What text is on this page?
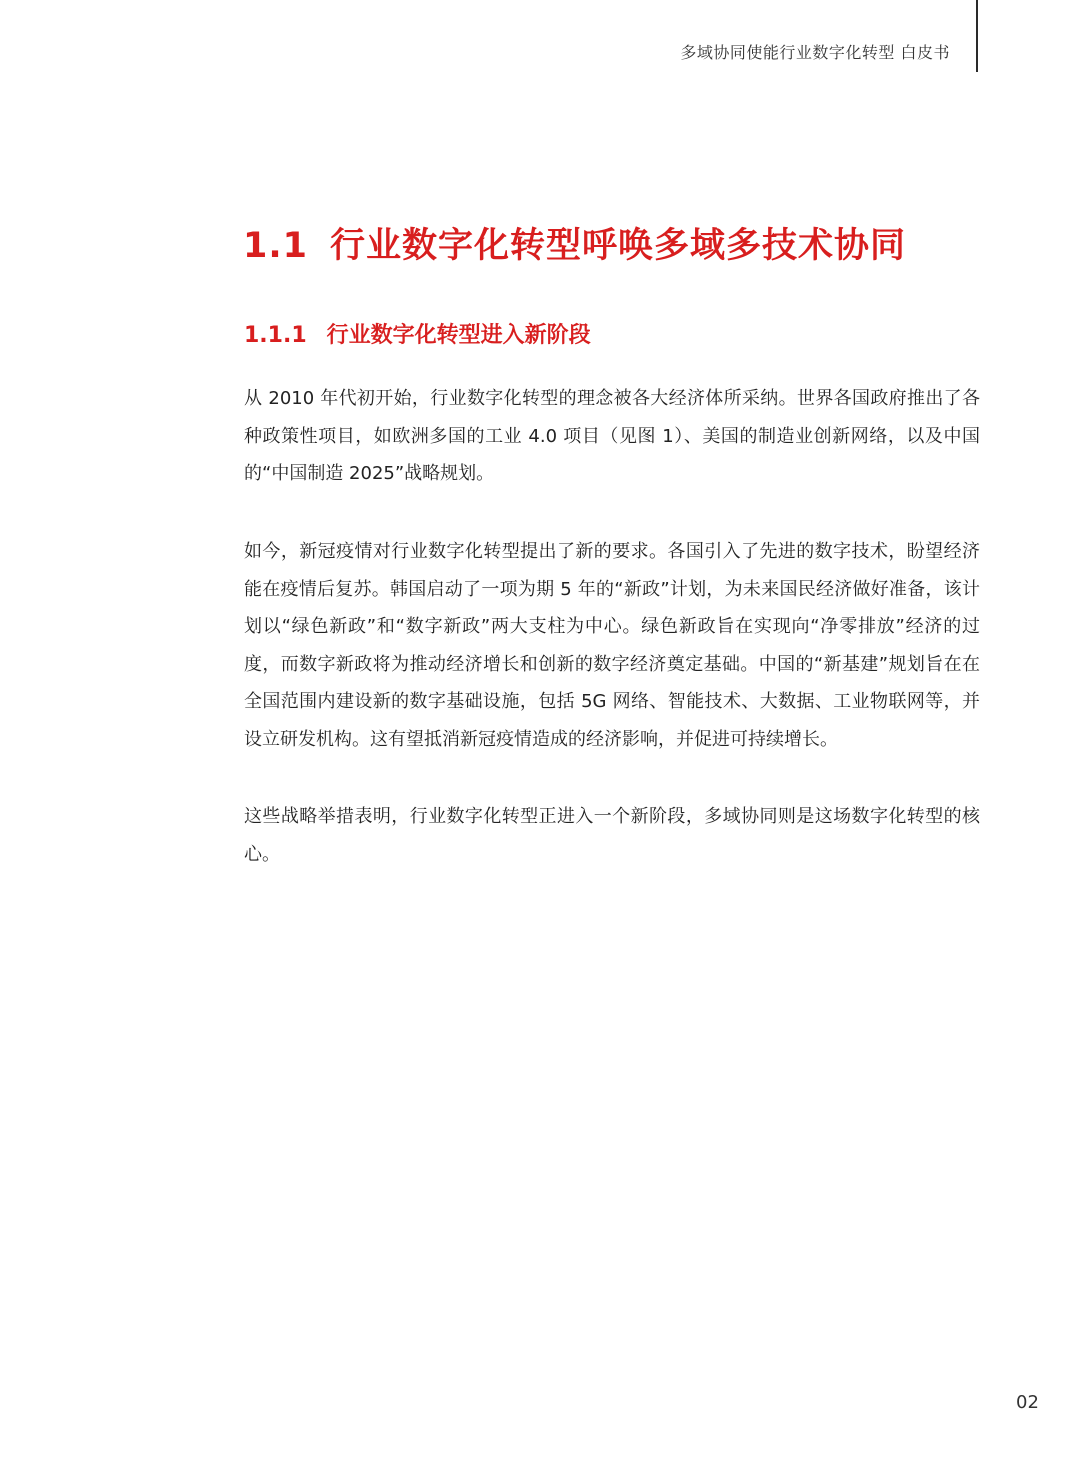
多域协同使能行业数字化转型 白皮书
1.1 行业数字化转型呼唤多域多技术协同
1.1.1 行业数字化转型进入新阶段

从 2010 年代初开始，行业数字化转型的理念被各大经济体所采纳。世界各国政府推出了各种政策性项目，如欧洲多国的工业 4.0 项目（见图 1）、美国的制造业创新网络，以及中国的“中国制造 2025”战略规划。

如今，新冠疫情对行业数字化转型提出了新的要求。各国引入了先进的数字技术，盼望经济能在疫情后复苏。韩国启动了一项为期 5 年的“新政”计划，为未来国民经济做好准备，该计划以“绿色新政”和“数字新政”两大支柱为中心。绿色新政旨在实现向“净零排放”经济的过度，而数字新政将为推动经济增长和创新的数字经济奠定基础。中国的“新基建”规划旨在在全国范围内建设新的数字基础设施，包括 5G 网络、智能技术、大数据、工业物联网等，并设立研发机构。这有望抵消新冠疫情造成的经济影响，并促进可持续增长。

这些战略举措表明，行业数字化转型正进入一个新阶段，多域协同则是这场数字化转型的核心。

02
